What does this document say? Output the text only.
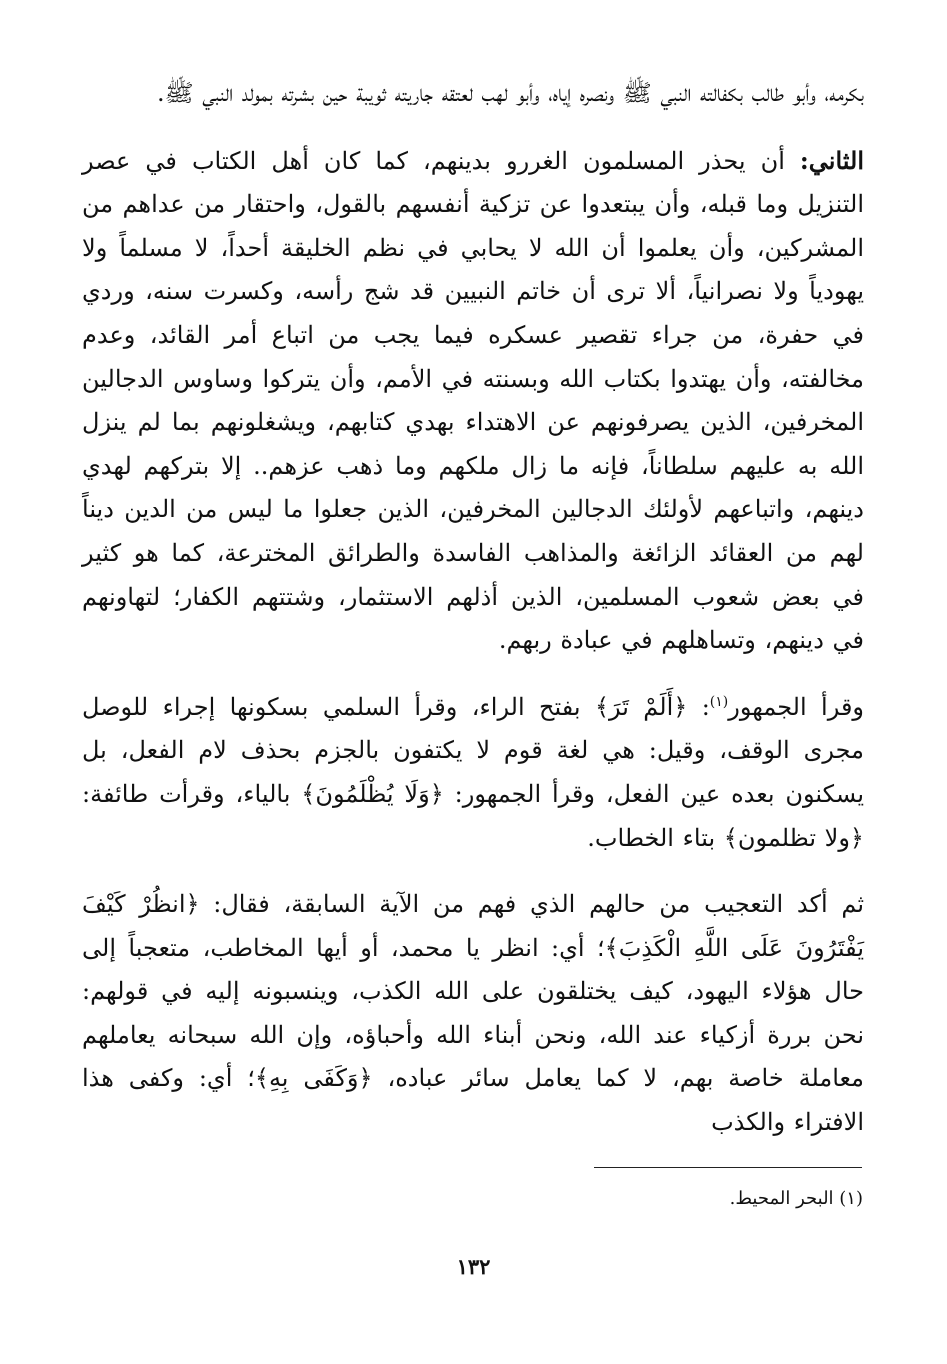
بكرمه، وأبو طالب بكفالته النبي ﷺ ونصره إياه، وأبو لهب لعتقه جاريته ثويبة حين بشرته بمولد النبي ﷺ.

الثاني: أن يحذر المسلمون الغررو بدينهم، كما كان أهل الكتاب في عصر التنزيل وما قبله، وأن يبتعدوا عن تزكية أنفسهم بالقول، واحتقار من عداهم من المشركين، وأن يعلموا أن الله لا يحابي في نظم الخليقة أحداً، لا مسلماً ولا يهودياً ولا نصرانياً، ألا ترى أن خاتم النبيين قد شج رأسه، وكسرت سنه، وردي في حفرة، من جراء تقصير عسكره فيما يجب من اتباع أمر القائد، وعدم مخالفته، وأن يهتدوا بكتاب الله وبسنته في الأمم، وأن يتركوا وساوس الدجالين المخرفين، الذين يصرفونهم عن الاهتداء بهدي كتابهم، ويشغلونهم بما لم ينزل الله به عليهم سلطاناً، فإنه ما زال ملكهم وما ذهب عزهم.. إلا بتركهم لهدي دينهم، واتباعهم لأولئك الدجالين المخرفين، الذين جعلوا ما ليس من الدين ديناً لهم من العقائد الزائغة والمذاهب الفاسدة والطرائق المخترعة، كما هو كثير في بعض شعوب المسلمين، الذين أذلهم الاستثمار، وشتتهم الكفار؛ لتهاونهم في دينهم، وتساهلهم في عبادة ربهم.

وقرأ الجمهور$^{(١)}$: ﴿أَلَمْ تَرَ﴾ بفتح الراء، وقرأ السلمي بسكونها إجراء للوصل مجرى الوقف، وقيل: هي لغة قوم لا يكتفون بالجزم بحذف لام الفعل، بل يسكنون بعده عين الفعل، وقرأ الجمهور: ﴿وَلَا يُظْلَمُونَ﴾ بالياء، وقرأت طائفة: ﴿ولا تظلمون﴾ بتاء الخطاب.

ثم أكد التعجيب من حالهم الذي فهم من الآية السابقة، فقال: ﴿انظُرْ كَيْفَ يَفْتَرُونَ عَلَى اللَّهِ الْكَذِبَ﴾؛ أي: انظر يا محمد، أو أيها المخاطب، متعجباً إلى حال هؤلاء اليهود، كيف يختلقون على الله الكذب، وينسبونه إليه في قولهم: نحن بررة أزكياء عند الله، ونحن أبناء الله وأحباؤه، وإن الله سبحانه يعاملهم معاملة خاصة بهم، لا كما يعامل سائر عباده، ﴿وَكَفَى بِهِ﴾؛ أي: وكفى هذا الافتراء والكذب

(١) البحر المحيط.
١٣٢
